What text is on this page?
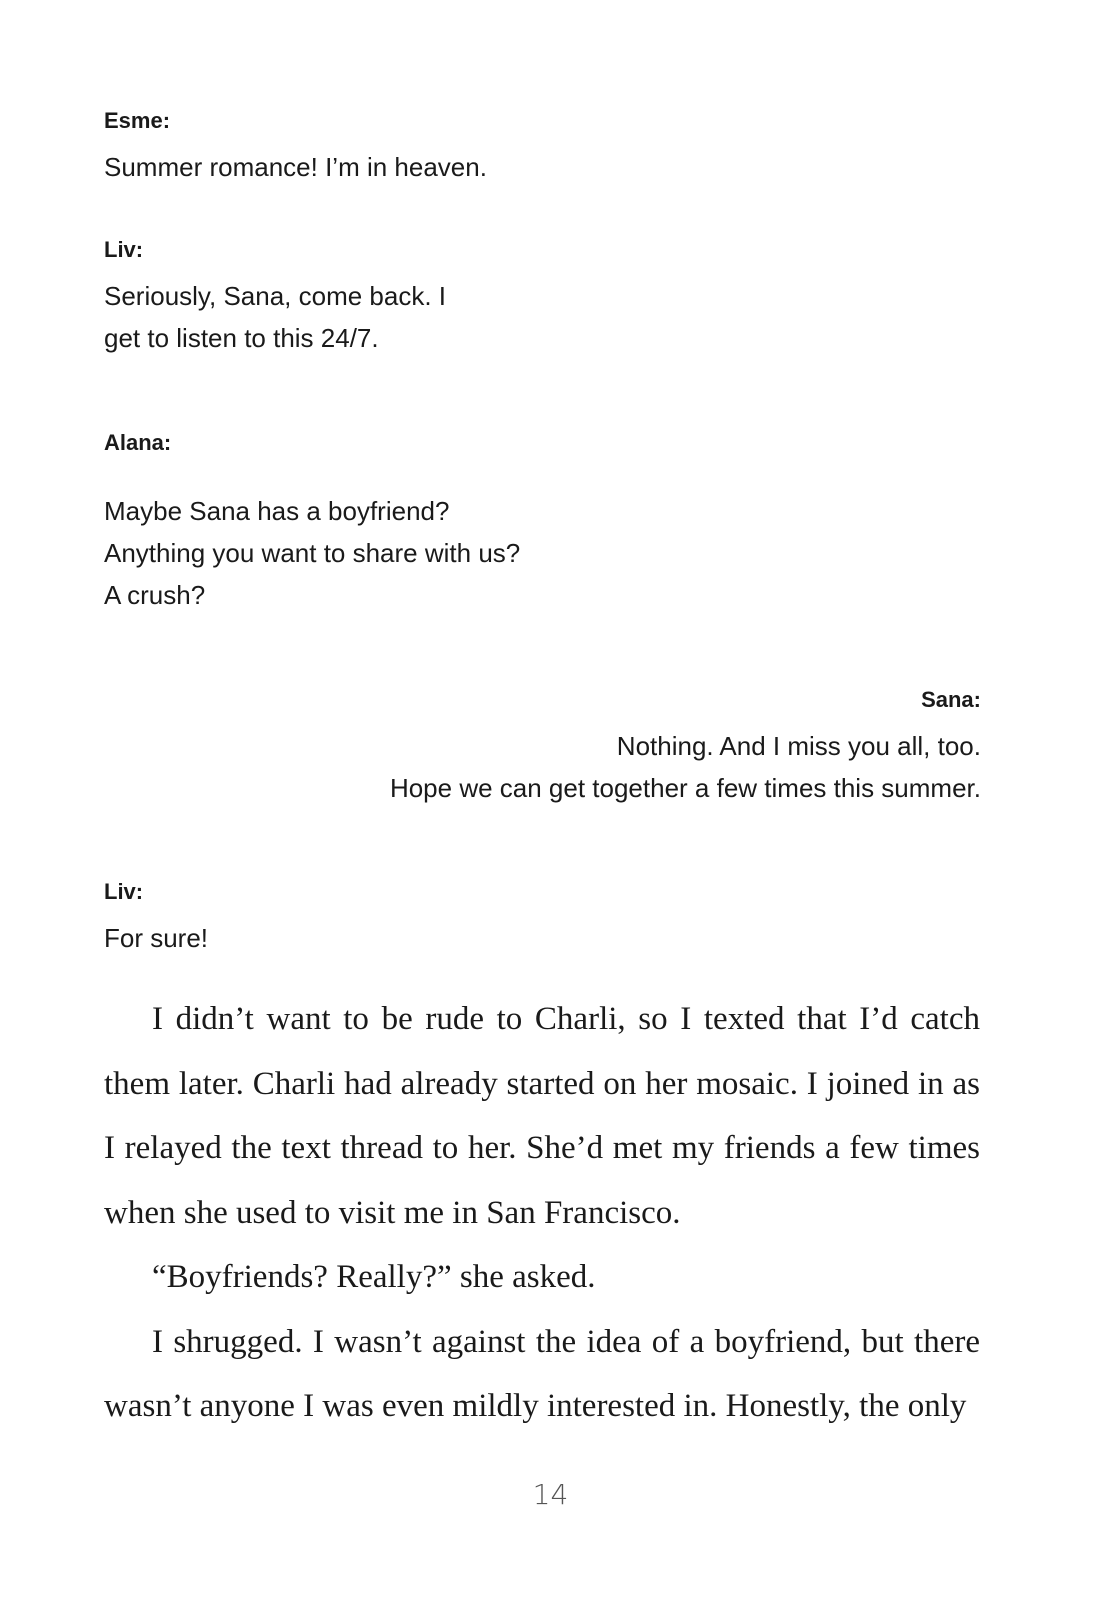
Esme:

Summer romance! I’m in heaven.

Liv:

Seriously, Sana, come back. I

get to listen to this 24/7.

Alana:

Maybe Sana has a boyfriend?

Anything you want to share with us?

A crush?

Sana:

Nothing. And I miss you all, too.

Hope we can get together a few times this summer.

Liv:

For sure!

I didn’t want to be rude to Charli, so I texted that I’d catch them later. Charli had already started on her mosaic. I joined in as I relayed the text thread to her. She’d met my friends a few times when she used to visit me in San Francisco.

“Boyfriends? Really?” she asked.

I shrugged. I wasn’t against the idea of a boyfriend, but there wasn’t anyone I was even mildly interested in. Honestly, the only

14
